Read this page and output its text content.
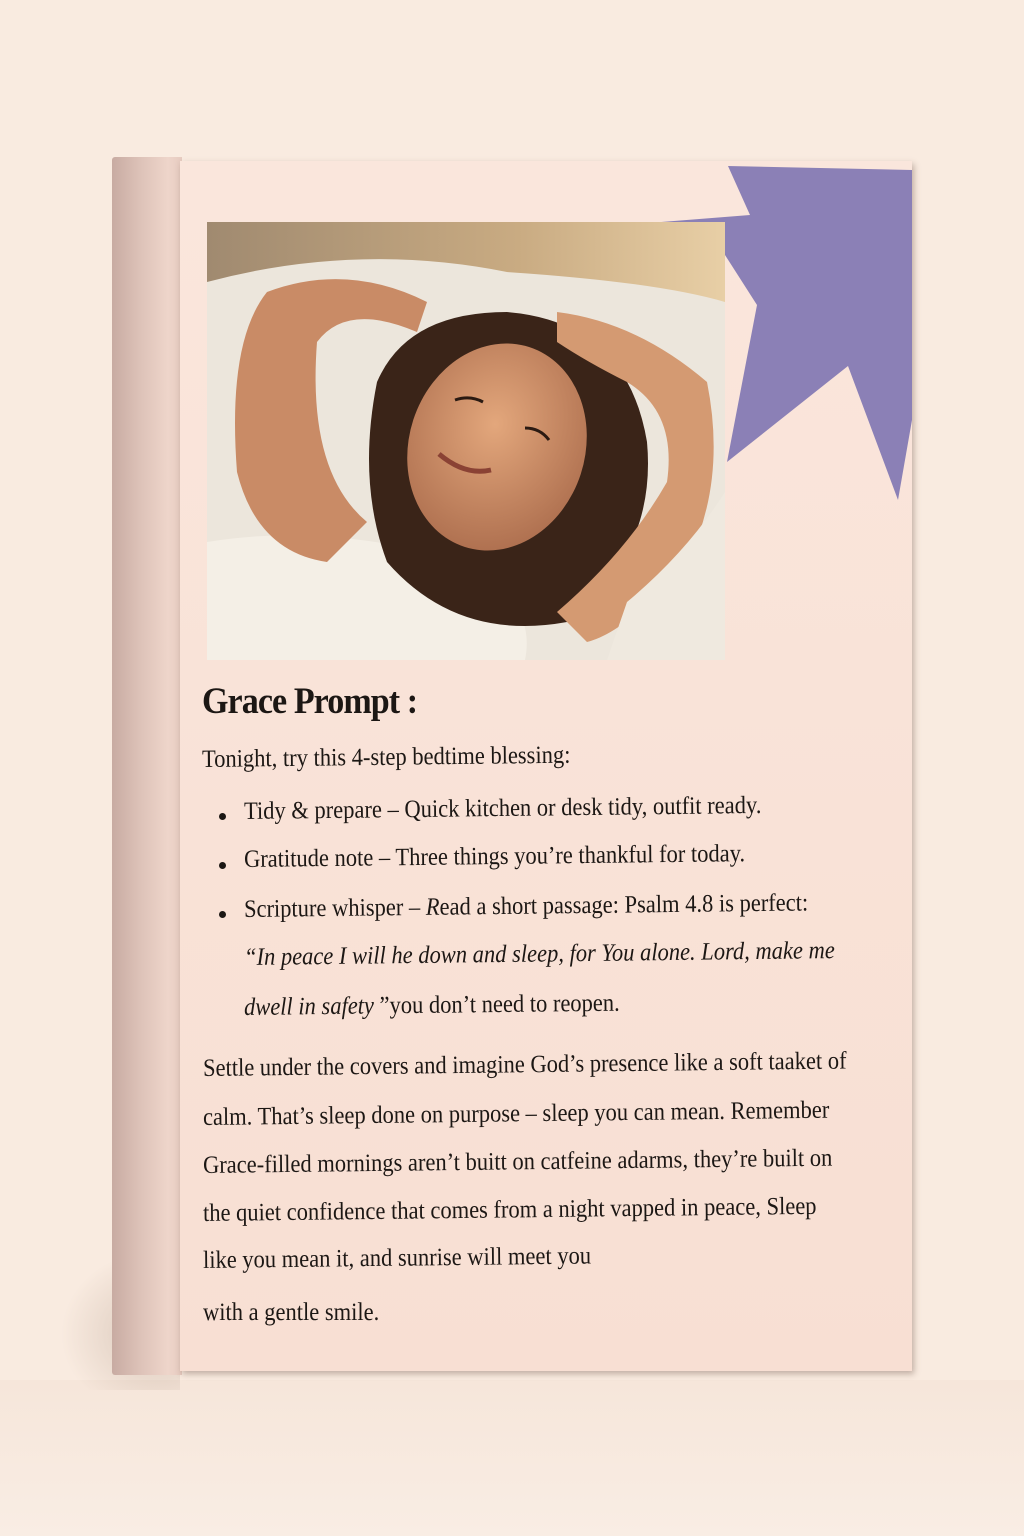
Grace Prompt :
Tonight, try this 4-step bedtime blessing:
Tidy & prepare – Quick kitchen or desk tidy, outfit ready.
Gratitude note – Three things you’re thankful for today.
Scripture whisper – Read a short passage: Psalm 4.8 is perfect:
“In peace I will he down and sleep, for You alone. Lord, make me
dwell in safety ”you don’t need to reopen.
Settle under the covers and imagine God’s presence like a soft taaket of
calm. That’s sleep done on purpose – sleep you can mean. Remember
Grace-filled mornings aren’t buitt on catfeine adarms, they’re built on
the quiet confidence that comes from a night vapped in peace, Sleep
like you mean it, and sunrise will meet you
with a gentle smile.
